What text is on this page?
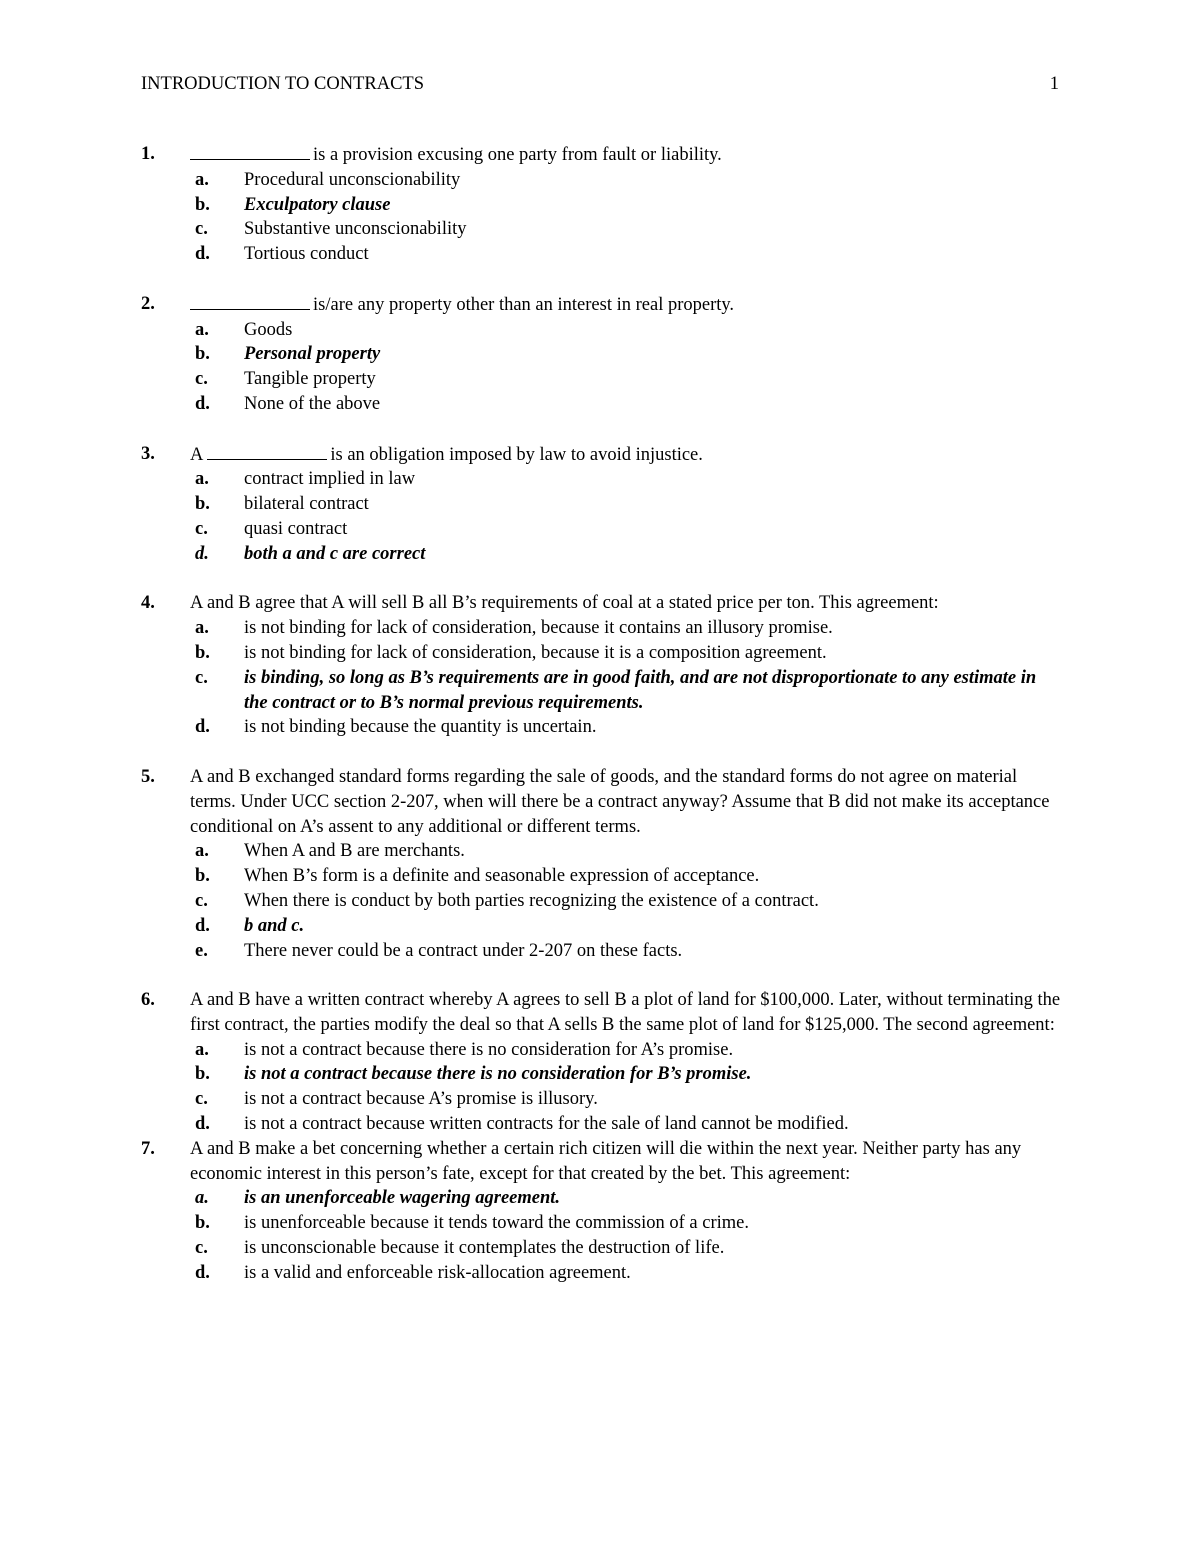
INTRODUCTION TO CONTRACTS	1
1.	is a provision excusing one party from fault or liability.
a. Procedural unconscionability
b. Exculpatory clause
c. Substantive unconscionability
d. Tortious conduct
2.	is/are any property other than an interest in real property.
a. Goods
b. Personal property
c. Tangible property
d. None of the above
3. A	is an obligation imposed by law to avoid injustice.
a. contract implied in law
b. bilateral contract
c. quasi contract
d. both a and c are correct
4. A and B agree that A will sell B all B’s requirements of coal at a stated price per ton. This agreement:
a. is not binding for lack of consideration, because it contains an illusory promise.
b. is not binding for lack of consideration, because it is a composition agreement.
c. is binding, so long as B’s requirements are in good faith, and are not disproportionate to any estimate in the contract or to B’s normal previous requirements.
d. is not binding because the quantity is uncertain.
5. A and B exchanged standard forms regarding the sale of goods, and the standard forms do not agree on material terms. Under UCC section 2-207, when will there be a contract anyway? Assume that B did not make its acceptance conditional on A’s assent to any additional or different terms.
a. When A and B are merchants.
b. When B’s form is a definite and seasonable expression of acceptance.
c. When there is conduct by both parties recognizing the existence of a contract.
d. b and c.
e. There never could be a contract under 2-207 on these facts.
6. A and B have a written contract whereby A agrees to sell B a plot of land for $100,000. Later, without terminating the first contract, the parties modify the deal so that A sells B the same plot of land for $125,000. The second agreement:
a. is not a contract because there is no consideration for A’s promise.
b. is not a contract because there is no consideration for B’s promise.
c. is not a contract because A’s promise is illusory.
d. is not a contract because written contracts for the sale of land cannot be modified.
7. A and B make a bet concerning whether a certain rich citizen will die within the next year. Neither party has any economic interest in this person’s fate, except for that created by the bet. This agreement:
a. is an unenforceable wagering agreement.
b. is unenforceable because it tends toward the commission of a crime.
c. is unconscionable because it contemplates the destruction of life.
d. is a valid and enforceable risk-allocation agreement.
